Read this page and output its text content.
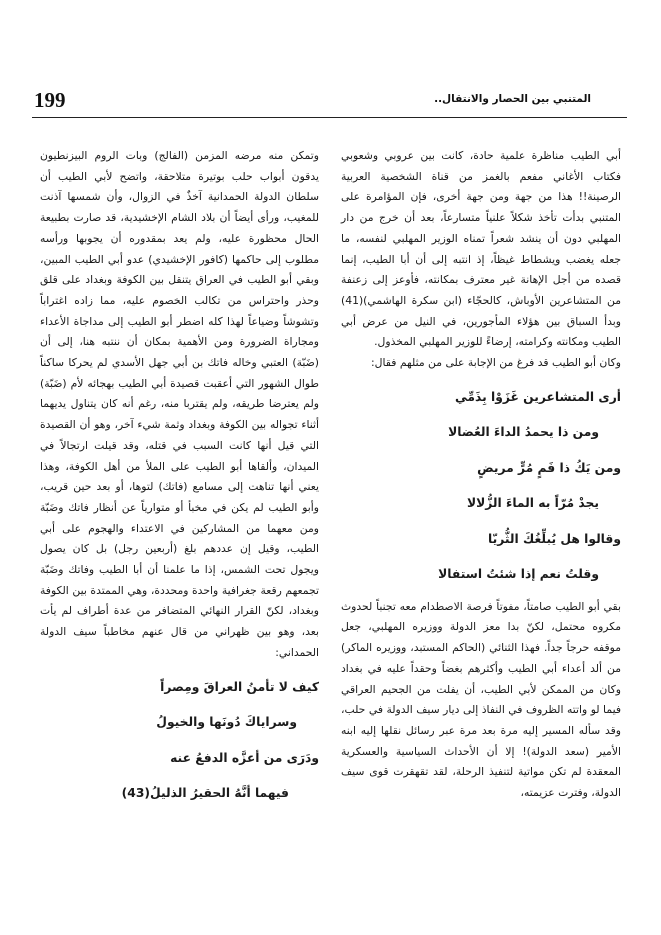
199	المتنبي بين الحصار والانتقال..

أبي الطيب مناظرة علمية حادة، كانت بين عروبي وشعوبي فكتاب الأغاني مفعم بالغمز من قناة الشخصية العربية الرصينة!! هذا من جهة ومن جهة أخرى، فإن المؤامرة على المتنبي بدأت تأخذ شكلاً علنياً متسارعاً، بعد أن خرج من دار المهلبي دون أن ينشد شعراً تمناه الوزير المهلبي لنفسه، ما جعله يغضب ويشطاط غيظاً، إذ انتبه إلى أن أبا الطيب، إنما قصده من أجل الإهانة غير معترف بمكانته، فأوعز إلى زعنفة من المتشاعرين الأوباش، كالحجّاء (ابن سكرة الهاشمي)(41) وبدأ السباق بين هؤلاء المأجورين، في النيل من عرض أبي الطيب ومكانته وكرامته، إرضاءً للوزير المهلبي المخذول.

وكان أبو الطيب قد فرغ من الإجابة على من مثلهم فقال:

أرى المتشاعرين غَزَوْا بِذَمِّي
ومن ذا يحمدُ الداءَ العُضالا
ومن يَكُ ذا فَمٍ مُرٍّ مريضٍ
يجدْ مُرّاً به الماءَ الزُّلالا
وقالوا هل يُبلِّغُكَ الثُّريّا
وقلتُ نعم إذا شئتُ استفالا

بقي أبو الطيب صامتاً، مفوتاً فرصة الاصطدام معه تجنباً لحدوث مكروه محتمل، لكنّ بدا معز الدولة ووزيره المهلبي، جعل موقفه حرجاً جداً. فهذا الثنائي (الحاكم المستبد، ووزيره الماكر) من ألد أعداء أبي الطيب وأكثرهم بغضاً وحقداً عليه في بغداد وكان من الممكن لأبي الطيب، أن يفلت من الجحيم العراقي فيما لو واتته الظروف في النفاذ إلى ديار سيف الدولة في حلب، وقد سأله المسير إليه مرة بعد مرة عبر رسائل نقلها إليه ابنه الأمير (سعد الدولة)! إلا أن الأحداث السياسية والعسكرية المعقدة لم تكن مواتية لتنفيذ الرحلة، لقد تقهقرت قوى سيف الدولة، وفترت عزيمته،

وتمكن منه مرضه المزمن (الفالج) وبات الروم البيزنطيون يدقون أبواب حلب بوتيرة متلاحقة، واتضح لأبي الطيب أن سلطان الدولة الحمدانية آخذٌ في الزوال، وأن شمسها آذنت للمغيب، ورأى أيضاً أن بلاد الشام الإخشيدية، قد صارت بطبيعة الحال محظورة عليه، ولم يعد بمقدوره أن يجوبها ورأسه مطلوب إلى حاكمها (كافور الإخشيدي) عدو أبي الطيب المبين، وبقي أبو الطيب في العراق يتنقل بين الكوفة وبغداد على قلق وحذر واحتراس من تكالب الخصوم عليه، مما زاده اغتراباً وتشوشاً وضياعاً لهذا كله اضطر أبو الطيب إلى مداجاة الأعداء ومجاراة الضرورة ومن الأهمية بمكان أن ننتبه هنا، إلى أن (ضَبّة) العتبي وخاله فاتك بن أبي جهل الأسدي لم يحركا ساكناً طوال الشهور التي أعقبت قصيدة أبي الطيب بهجائه لأم (ضَبّة) ولم يعترضا طريقه، ولم يقتربا منه، رغم أنه كان يتناول يديهما أثناء تجواله بين الكوفة وبغداد وثمة شيء آخر، وهو أن القصيدة التي قيل أنها كانت السبب في قتله، وقد قيلت ارتجالاً في الميدان، وألقاها أبو الطيب على الملأ من أهل الكوفة، وهذا يعني أنها تناهت إلى مسامع (فاتك) لتوها، أو بعد حين قريب، وأبو الطيب لم يكن في مخبأ أو متوارياً عن أنظار فاتك وضَبّة ومن معهما من المشاركين في الاعتداء والهجوم على أبي الطيب، وقيل إن عددهم بلغ (أربعين رجل) بل كان يصول ويجول تحت الشمس، إذا ما علمنا أن أبا الطيب وفاتك وضَبّة تجمعهم رقعة جغرافية واحدة ومحددة، وهي الممتدة بين الكوفة وبغداد، لكنّ القرار النهائي المتضافر من عدة أطراف لم يأت بعد، وهو بين ظهراني من قال عنهم مخاطباً سيف الدولة الحمداني:

كيف لا تأمنُ العراقَ ومِصراً
وسراياكَ دُونَها والخيولُ
ودَرَى من أعزَّه الدفعُ عنه
فيهما أنَّهُ الحقيرُ الذليلُ(43)
